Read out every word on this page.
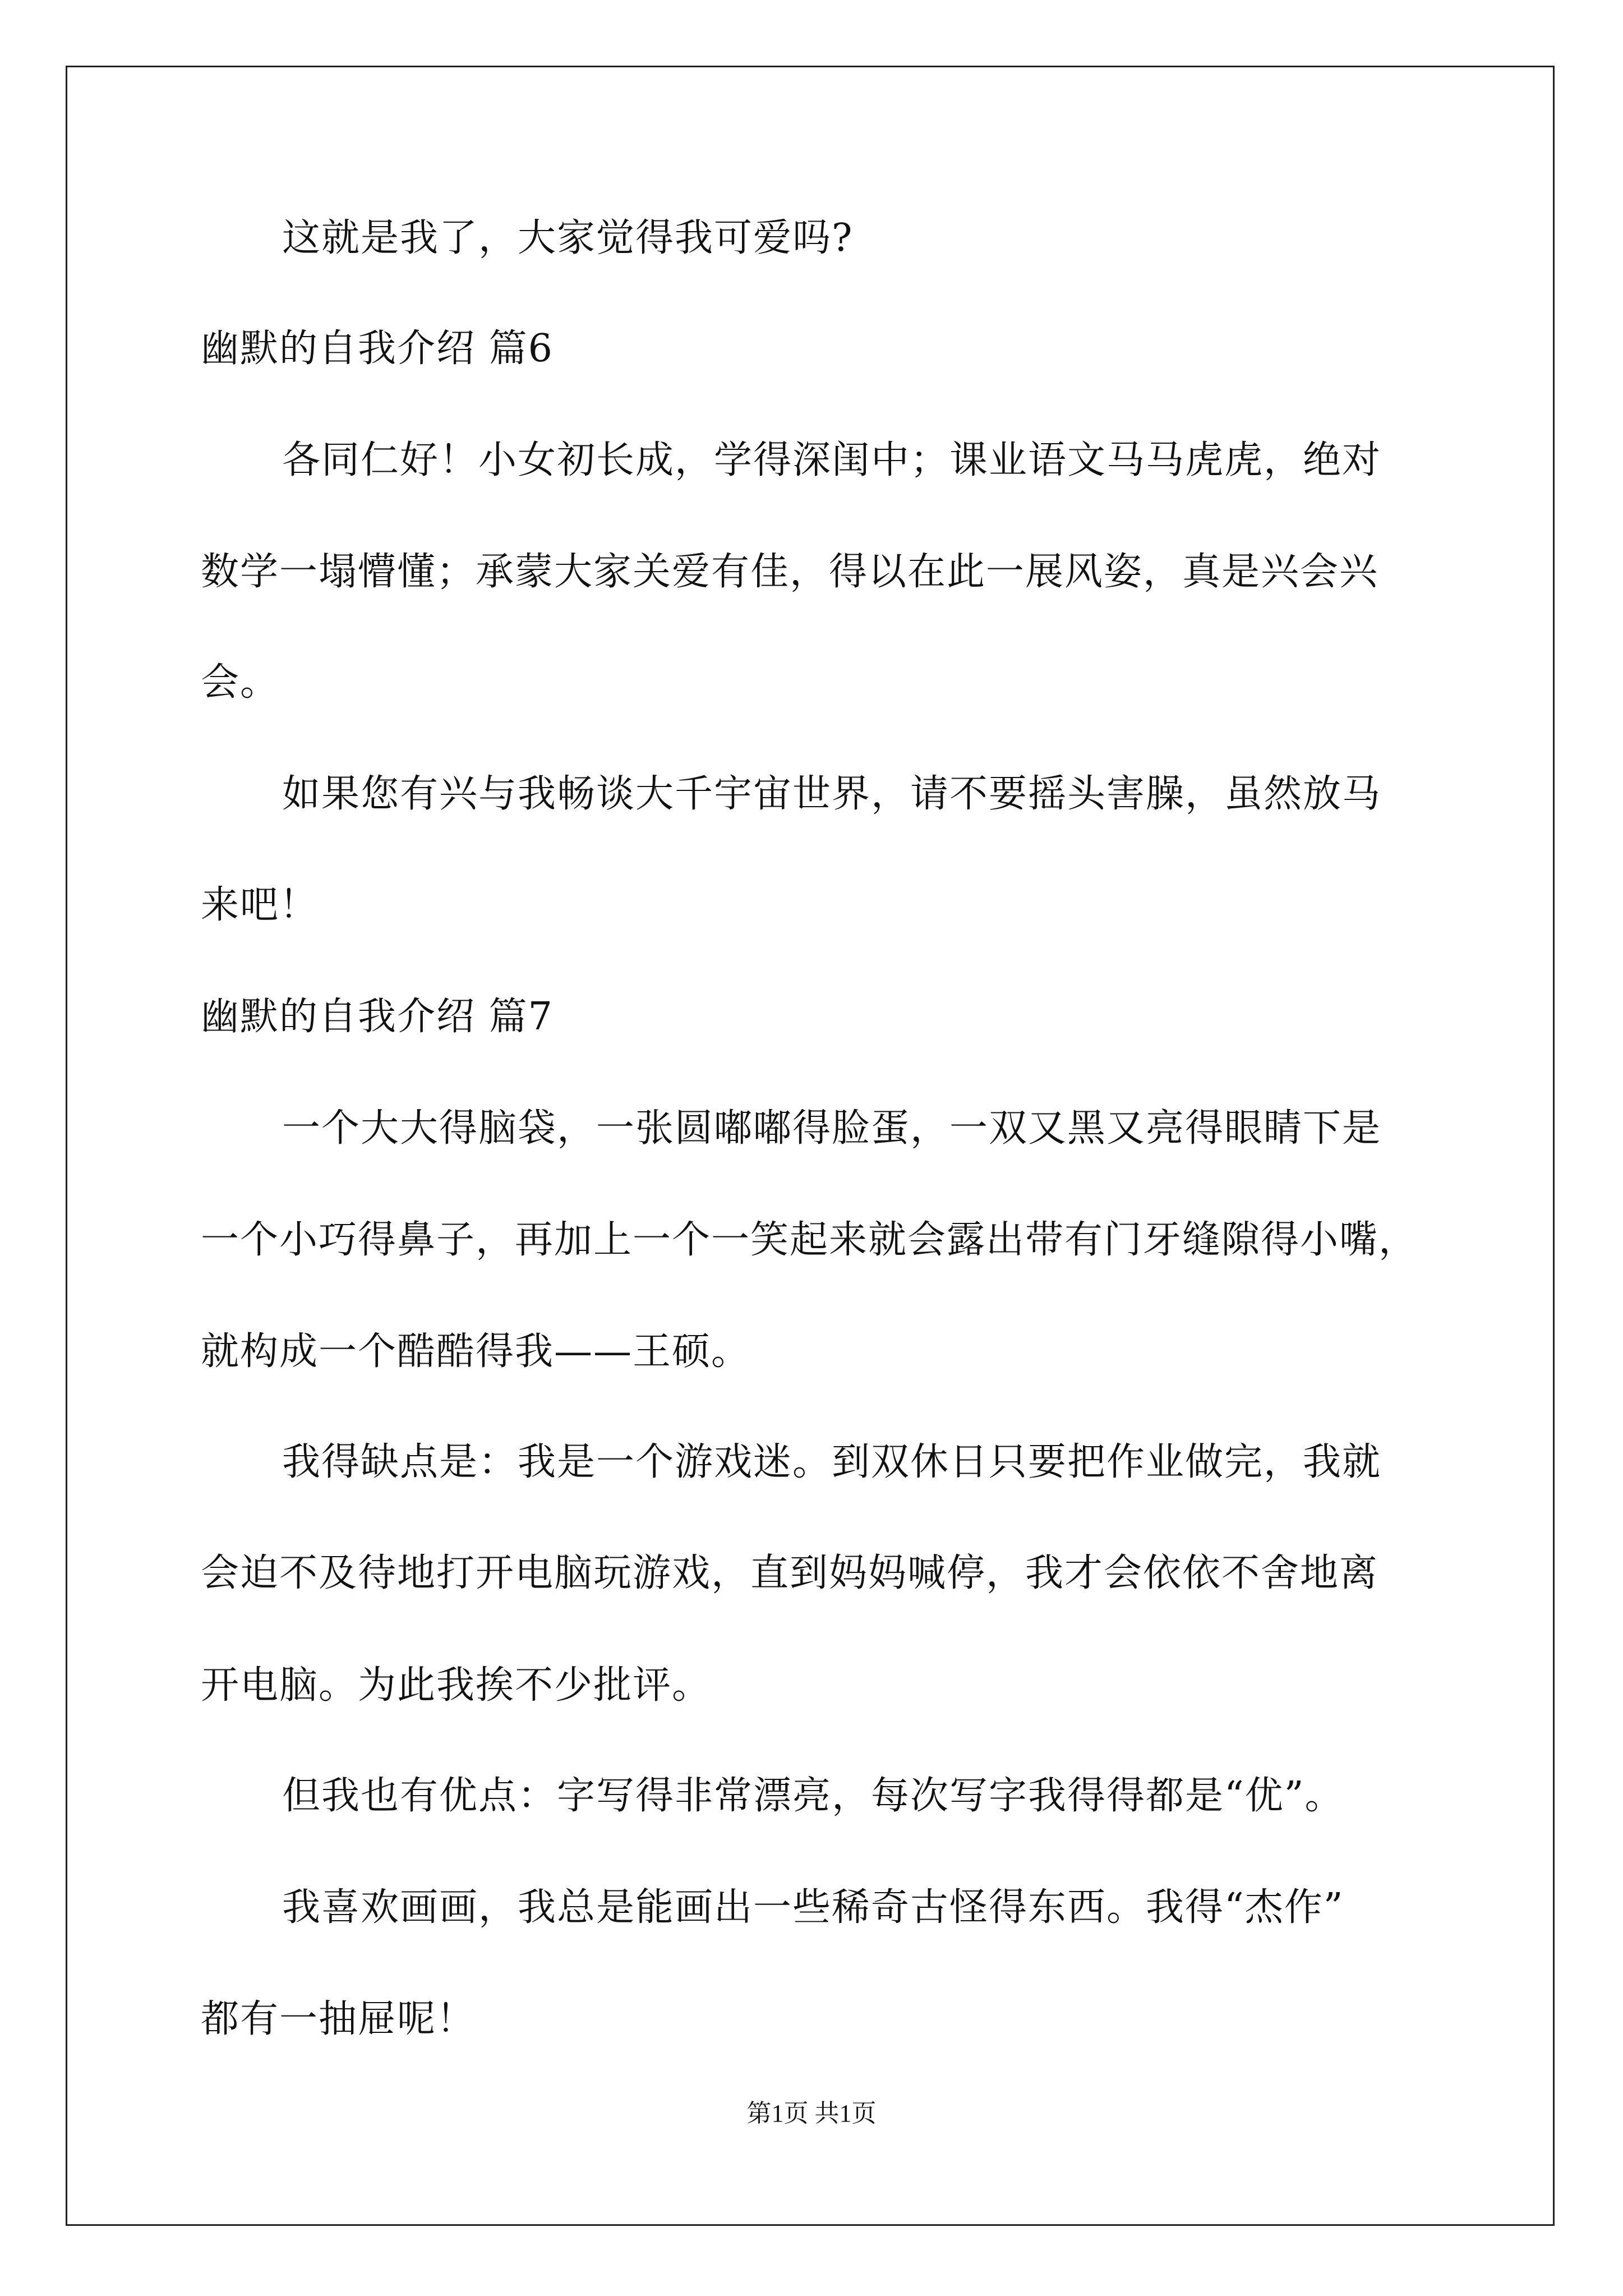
这就是我了，大家觉得我可爱吗?
幽默的自我介绍 篇6
各同仁好！小女初长成，学得深闺中；课业语文马马虎虎，绝对
数学一塌懵懂；承蒙大家关爱有佳，得以在此一展风姿，真是兴会兴
会。
如果您有兴与我畅谈大千宇宙世界，请不要摇头害臊，虽然放马
来吧！
幽默的自我介绍 篇7
一个大大得脑袋，一张圆嘟嘟得脸蛋，一双又黑又亮得眼睛下是
一个小巧得鼻子，再加上一个一笑起来就会露出带有门牙缝隙得小嘴，
就构成一个酷酷得我——王硕。
我得缺点是：我是一个游戏迷。到双休日只要把作业做完，我就
会迫不及待地打开电脑玩游戏，直到妈妈喊停，我才会依依不舍地离
开电脑。为此我挨不少批评。
但我也有优点：字写得非常漂亮，每次写字我得得都是“优”。
我喜欢画画，我总是能画出一些稀奇古怪得东西。我得“杰作”
都有一抽屉呢！
第1页 共1页
